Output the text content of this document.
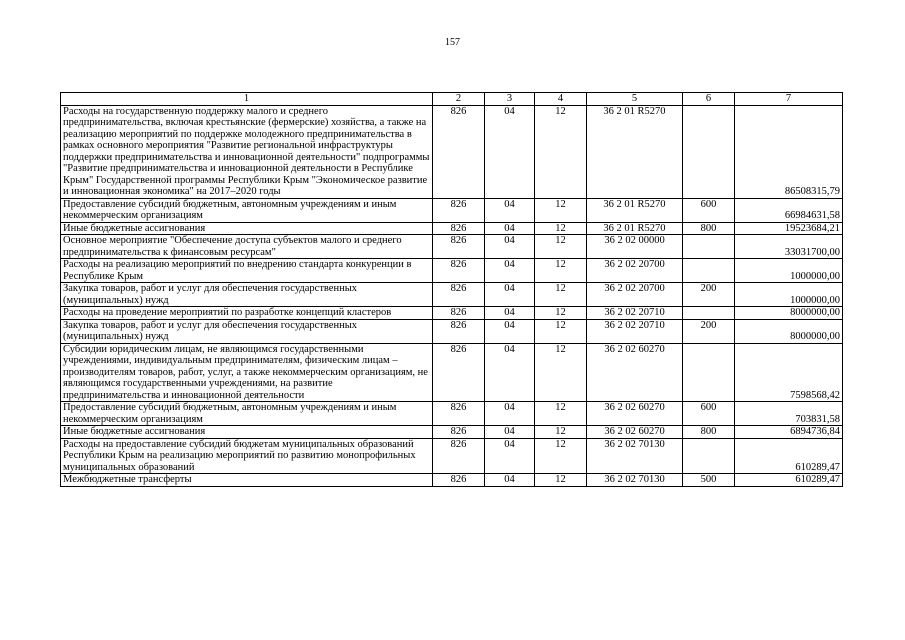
157
1	2	3	4	5	6	7
Расходы на государственную поддержку малого и среднего предпринимательства, включая крестьянские (фермерские) хозяйства, а также на реализацию мероприятий по поддержке молодежного предпринимательства в рамках основного мероприятия "Развитие региональной инфраструктуры поддержки предпринимательства и инновационной деятельности" подпрограммы "Развитие предпринимательства и инновационной деятельности в Республике Крым" Государственной программы Республики Крым "Экономическое развитие и инновационная экономика" на 2017–2020 годы	826	04	12	36 2 01 R5270		86508315,79
Предоставление субсидий бюджетным, автономным учреждениям и иным некоммерческим организациям	826	04	12	36 2 01 R5270	600	66984631,58
Иные бюджетные ассигнования	826	04	12	36 2 01 R5270	800	19523684,21
Основное мероприятие "Обеспечение доступа субъектов малого и среднего предпринимательства к финансовым ресурсам"	826	04	12	36 2 02 00000		33031700,00
Расходы на реализацию мероприятий по внедрению стандарта конкуренции в Республике Крым	826	04	12	36 2 02 20700		1000000,00
Закупка товаров, работ и услуг для обеспечения государственных (муниципальных) нужд	826	04	12	36 2 02 20700	200	1000000,00
Расходы на проведение мероприятий по разработке концепций кластеров	826	04	12	36 2 02 20710		8000000,00
Закупка товаров, работ и услуг для обеспечения государственных (муниципальных) нужд	826	04	12	36 2 02 20710	200	8000000,00
Субсидии юридическим лицам, не являющимся государственными учреждениями, индивидуальным предпринимателям, физическим лицам – производителям товаров, работ, услуг, а также некоммерческим организациям, не являющимся государственными учреждениями, на развитие предпринимательства и инновационной деятельности	826	04	12	36 2 02 60270		7598568,42
Предоставление субсидий бюджетным, автономным учреждениям и иным некоммерческим организациям	826	04	12	36 2 02 60270	600	703831,58
Иные бюджетные ассигнования	826	04	12	36 2 02 60270	800	6894736,84
Расходы на предоставление субсидий бюджетам муниципальных образований Республики Крым на реализацию мероприятий по развитию монопрофильных муниципальных образований	826	04	12	36 2 02 70130		610289,47
Межбюджетные трансферты	826	04	12	36 2 02 70130	500	610289,47
